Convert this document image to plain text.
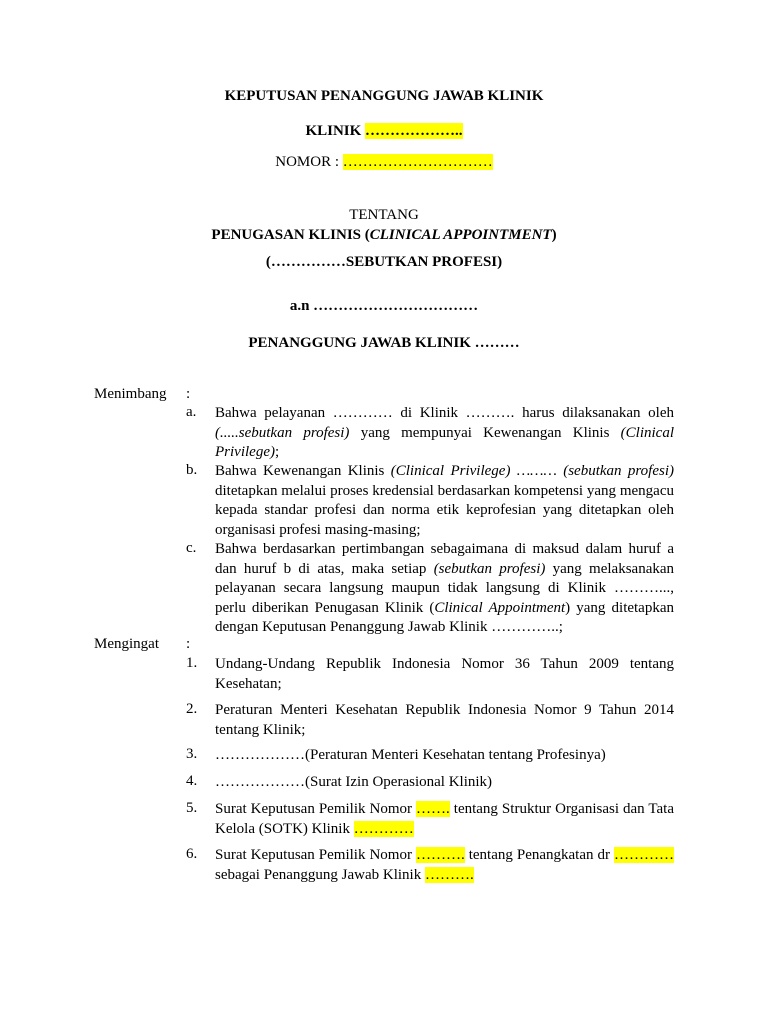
KEPUTUSAN PENANGGUNG JAWAB KLINIK
KLINIK ………………..
NOMOR : …………………………
TENTANG
PENUGASAN KLINIS (CLINICAL APPOINTMENT)
(……………SEBUTKAN PROFESI)
a.n ……………………………
PENANGGUNG JAWAB KLINIK ………
Menimbang :
a. Bahwa pelayanan ………… di Klinik ………. harus dilaksanakan oleh (.....sebutkan profesi) yang mempunyai Kewenangan Klinis (Clinical Privilege);
b. Bahwa Kewenangan Klinis (Clinical Privilege) ……… (sebutkan profesi) ditetapkan melalui proses kredensial berdasarkan kompetensi yang mengacu kepada standar profesi dan norma etik keprofesian yang ditetapkan oleh organisasi profesi masing-masing;
c. Bahwa berdasarkan pertimbangan sebagaimana di maksud dalam huruf a dan huruf b di atas, maka setiap (sebutkan profesi) yang melaksanakan pelayanan secara langsung maupun tidak langsung di Klinik ………..., perlu diberikan Penugasan Klinik (Clinical Appointment) yang ditetapkan dengan Keputusan Penanggung Jawab Klinik …………..;
Mengingat :
1. Undang-Undang Republik Indonesia Nomor 36 Tahun 2009 tentang Kesehatan;
2. Peraturan Menteri Kesehatan Republik Indonesia Nomor 9 Tahun 2014 tentang Klinik;
3. ………………(Peraturan Menteri Kesehatan tentang Profesinya)
4. ………………(Surat Izin Operasional Klinik)
5. Surat Keputusan Pemilik Nomor ……. tentang Struktur Organisasi dan Tata Kelola (SOTK) Klinik …………
6. Surat Keputusan Pemilik Nomor ………. tentang Penangkatan dr ………… sebagai Penanggung Jawab Klinik ……….
